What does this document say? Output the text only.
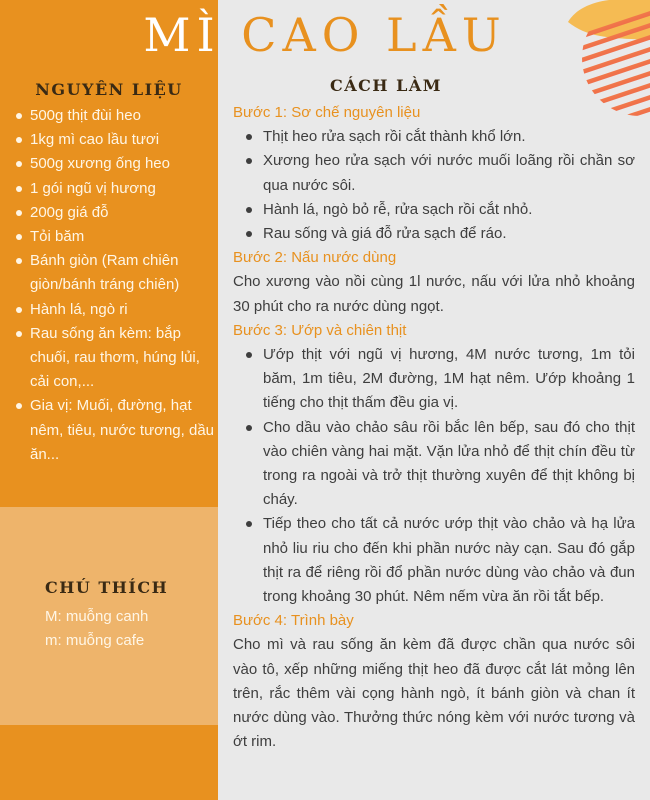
MÌ CAO LẦU
NGUYÊN LIỆU
500g thịt đùi heo
1kg mì cao lầu tươi
500g xương ống heo
1 gói ngũ vị hương
200g giá đỗ
Tỏi băm
Bánh giòn (Ram chiên giòn/bánh tráng chiên)
Hành lá, ngò ri
Rau sống ăn kèm: bắp chuối, rau thơm, húng lủi, cải con,...
Gia vị: Muối, đường, hạt nêm, tiêu, nước tương, dầu ăn...
CHÚ THÍCH
M: muỗng canh
m: muỗng cafe
CÁCH LÀM
Bước 1: Sơ chế nguyên liệu
Thịt heo rửa sạch rồi cắt thành khổ lớn.
Xương heo rửa sạch với nước muối loãng rồi chần sơ qua nước sôi.
Hành lá, ngò bỏ rễ, rửa sạch rồi cắt nhỏ.
Rau sống và giá đỗ rửa sạch để ráo.
Bước 2: Nấu nước dùng

Cho xương vào nồi cùng 1l nước, nấu với lửa nhỏ khoảng 30 phút cho ra nước dùng ngọt.

Bước 3: Ướp và chiên thịt
Ướp thịt với ngũ vị hương, 4M nước tương, 1m tỏi băm, 1m tiêu, 2M đường, 1M hạt nêm. Ướp khoảng 1 tiếng cho thịt thấm đều gia vị.
Cho dầu vào chảo sâu rồi bắc lên bếp, sau đó cho thịt vào chiên vàng hai mặt. Vặn lửa nhỏ để thịt chín đều từ trong ra ngoài và trở thịt thường xuyên để thịt không bị cháy.
Tiếp theo cho tất cả nước ướp thịt vào chảo và hạ lửa nhỏ liu riu cho đến khi phần nước này cạn. Sau đó gắp thịt ra để riêng rồi đổ phần nước dùng vào chảo và đun trong khoảng 30 phút. Nêm nếm vừa ăn rồi tắt bếp.
Bước 4: Trình bày

Cho mì và rau sống ăn kèm đã được chần qua nước sôi vào tô, xếp những miếng thịt heo đã được cắt lát mỏng lên trên, rắc thêm vài cọng hành ngò, ít bánh giòn và chan ít nước dùng vào. Thưởng thức nóng kèm với nước tương và ớt rim.
